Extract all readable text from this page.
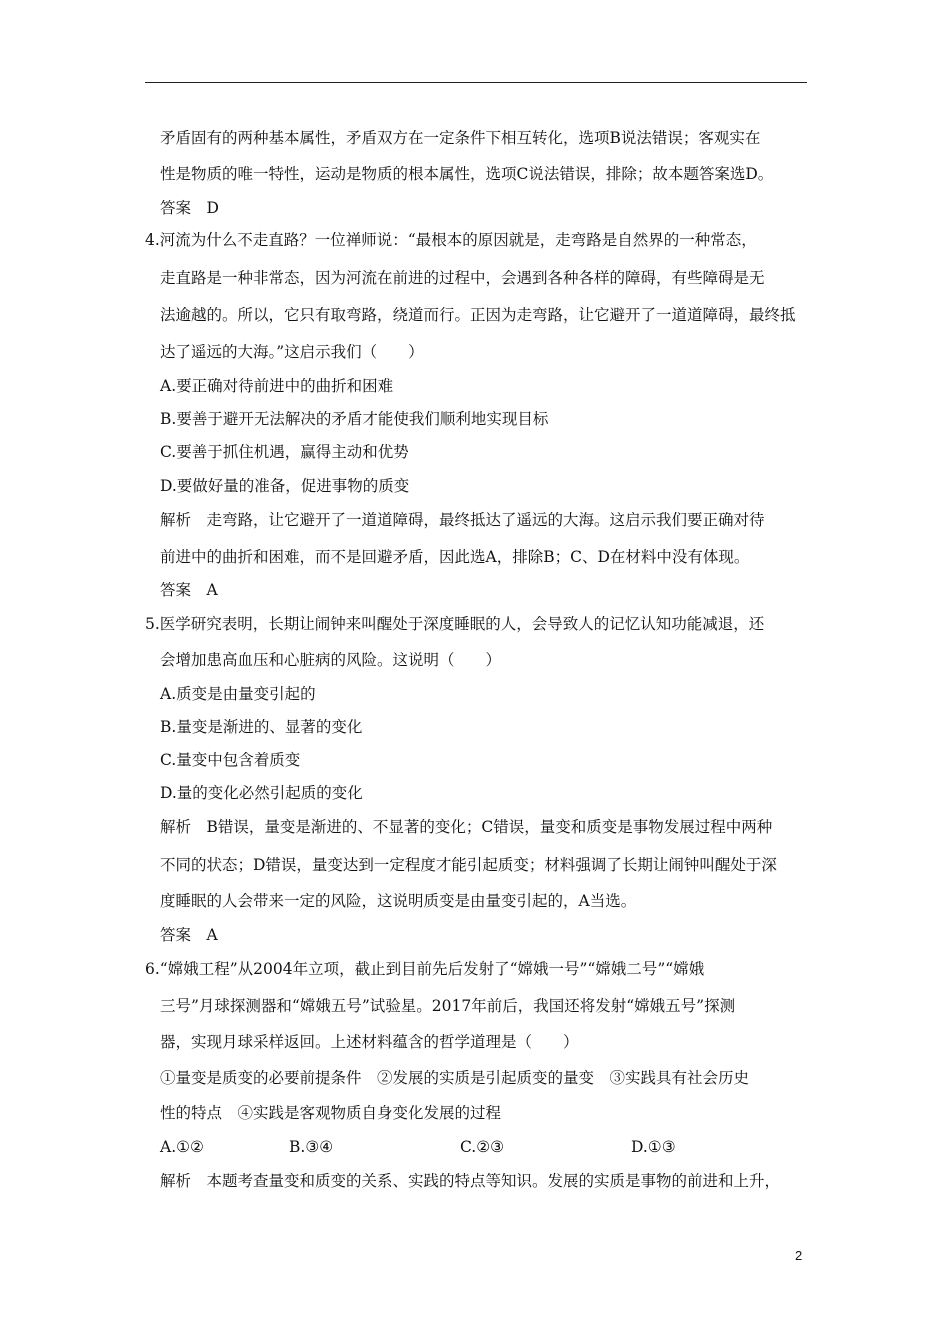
矛盾固有的两种基本属性，矛盾双方在一定条件下相互转化，选项B说法错误；客观实在
性是物质的唯一特性，运动是物质的根本属性，选项C说法错误，排除；故本题答案选D。
答案　D
4.河流为什么不走直路？一位禅师说：“最根本的原因就是，走弯路是自然界的一种常态，
走直路是一种非常态，因为河流在前进的过程中，会遇到各种各样的障碍，有些障碍是无
法逾越的。所以，它只有取弯路，绕道而行。正因为走弯路，让它避开了一道道障碍，最终抵
达了遥远的大海。”这启示我们（　　）
A.要正确对待前进中的曲折和困难
B.要善于避开无法解决的矛盾才能使我们顺利地实现目标
C.要善于抓住机遇，赢得主动和优势
D.要做好量的准备，促进事物的质变
解析　走弯路，让它避开了一道道障碍，最终抵达了遥远的大海。这启示我们要正确对待
前进中的曲折和困难，而不是回避矛盾，因此选A，排除B；C、D在材料中没有体现。
答案　A
5.医学研究表明，长期让闹钟来叫醒处于深度睡眠的人，会导致人的记忆认知功能减退，还
会增加患高血压和心脏病的风险。这说明（　　）
A.质变是由量变引起的
B.量变是渐进的、显著的变化
C.量变中包含着质变
D.量的变化必然引起质的变化
解析　B错误，量变是渐进的、不显著的变化；C错误，量变和质变是事物发展过程中两种
不同的状态；D错误，量变达到一定程度才能引起质变；材料强调了长期让闹钟叫醒处于深
度睡眠的人会带来一定的风险，这说明质变是由量变引起的，A当选。
答案　A
6.“嫦娥工程”从2004年立项，截止到目前先后发射了“嫦娥一号”“嫦娥二号”“嫦娥
三号”月球探测器和“嫦娥五号”试验星。2017年前后，我国还将发射“嫦娥五号”探测
器，实现月球采样返回。上述材料蕴含的哲学道理是（　　）
①量变是质变的必要前提条件　②发展的实质是引起质变的量变　③实践具有社会历史
性的特点　④实践是客观物质自身变化发展的过程
A.①②	B.③④	C.②③	D.①③
解析　本题考查量变和质变的关系、实践的特点等知识。发展的实质是事物的前进和上升，
2
